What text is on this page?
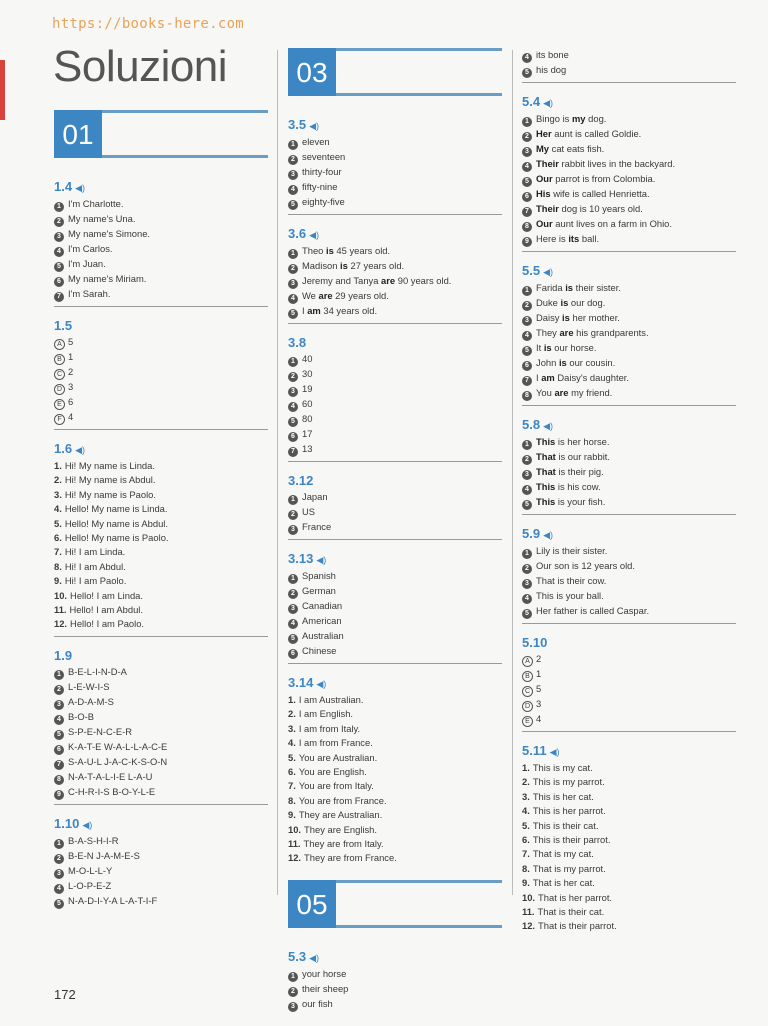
https://books-here.com
Soluzioni
01
1.4 ◀)
1 I'm Charlotte.
2 My name's Una.
3 My name's Simone.
4 I'm Carlos.
5 I'm Juan.
6 My name's Miriam.
7 I'm Sarah.
1.5
A 5
B 1
C 2
D 3
E 6
F 4
1.6 ◀)
1. Hi! My name is Linda.
2. Hi! My name is Abdul.
3. Hi! My name is Paolo.
4. Hello! My name is Linda.
5. Hello! My name is Abdul.
6. Hello! My name is Paolo.
7. Hi! I am Linda.
8. Hi! I am Abdul.
9. Hi! I am Paolo.
10. Hello! I am Linda.
11. Hello! I am Abdul.
12. Hello! I am Paolo.
1.9
1 B-E-L-I-N-D-A
2 L-E-W-I-S
3 A-D-A-M-S
4 B-O-B
5 S-P-E-N-C-E-R
6 K-A-T-E W-A-L-L-A-C-E
7 S-A-U-L J-A-C-K-S-O-N
8 N-A-T-A-L-I-E L-A-U
9 C-H-R-I-S B-O-Y-L-E
1.10 ◀)
1 B-A-S-H-I-R
2 B-E-N J-A-M-E-S
3 M-O-L-L-Y
4 L-O-P-E-Z
5 N-A-D-I-Y-A L-A-T-I-F
03
3.5 ◀)
1 eleven
2 seventeen
3 thirty-four
4 fifty-nine
5 eighty-five
3.6 ◀)
1 Theo is 45 years old.
2 Madison is 27 years old.
3 Jeremy and Tanya are 90 years old.
4 We are 29 years old.
5 I am 34 years old.
3.8
1 40
2 30
3 19
4 60
5 80
6 17
7 13
3.12
1 Japan
2 US
3 France
3.13 ◀)
1 Spanish
2 German
3 Canadian
4 American
5 Australian
6 Chinese
3.14 ◀)
1. I am Australian.
2. I am English.
3. I am from Italy.
4. I am from France.
5. You are Australian.
6. You are English.
7. You are from Italy.
8. You are from France.
9. They are Australian.
10. They are English.
11. They are from Italy.
12. They are from France.
05
5.3 ◀)
1 your horse
2 their sheep
3 our fish
4 its bone
5 his dog
5.4 ◀)
1 Bingo is my dog.
2 Her aunt is called Goldie.
3 My cat eats fish.
4 Their rabbit lives in the backyard.
5 Our parrot is from Colombia.
6 His wife is called Henrietta.
7 Their dog is 10 years old.
8 Our aunt lives on a farm in Ohio.
9 Here is its ball.
5.5 ◀)
1 Farida is their sister.
2 Duke is our dog.
3 Daisy is her mother.
4 They are his grandparents.
5 It is our horse.
6 John is our cousin.
7 I am Daisy's daughter.
8 You are my friend.
5.8 ◀)
1 This is her horse.
2 That is our rabbit.
3 That is their pig.
4 This is his cow.
5 This is your fish.
5.9 ◀)
1 Lily is their sister.
2 Our son is 12 years old.
3 That is their cow.
4 This is your ball.
5 Her father is called Caspar.
5.10
A 2
B 1
C 5
D 3
E 4
5.11 ◀)
1. This is my cat.
2. This is my parrot.
3. This is her cat.
4. This is her parrot.
5. This is their cat.
6. This is their parrot.
7. That is my cat.
8. That is my parrot.
9. That is her cat.
10. That is her parrot.
11. That is their cat.
12. That is their parrot.
172
